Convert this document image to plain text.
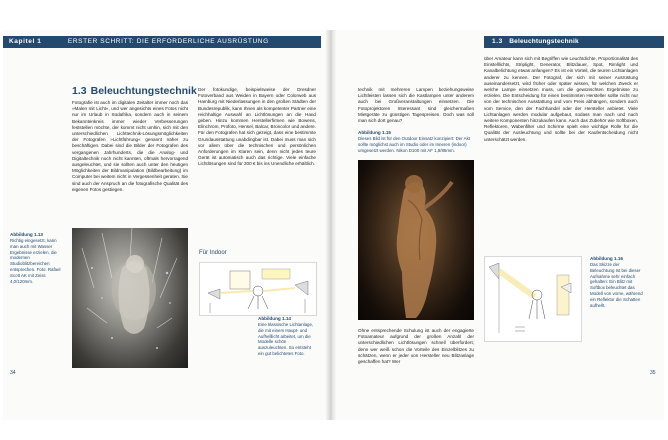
Kapitel 1	ERSTER SCHRITT: DIE ERFORDERLICHE AUSRÜSTUNG	1.3 Beleuchtungstechnik
1.3 Beleuchtungstechnik

Fotografie ist auch im digitalen Zeitalter immer noch das »Malen mit Licht«, und wer angesichts eines Fotos nicht nur im Urlaub in Südafrika, sondern auch in seinem Bekanntenkreis immer wieder Verbesserungen feststellen möchte, der kommt nicht umhin, sich mit den unterschiedlichen Lichttechnik-Lösungsmöglichkeiten der Fotografen »Lichtführung« genannt näher zu beschäftigen. Dabei sind die Bilder der Fotografen des vergangenen Jahrhunderts, die die Analog- und Digitaltechnik noch nicht kannten, oftmals hervorragend ausgeleuchtet, und sie sollten auch unter den heutigen Möglichkeiten der Bildmanipulation (Bildbearbeitung) im Computer bei weitem nicht in Vergessenheit geraten. Sie sind auch der Anspruch an die fotografische Qualität des eigenen Fotos gestiegen.

Abbildung 1.13
Richtig eingesetzt, kann man auch mit Wasser Ergebnisse erzielen, die modernen Studioblitzbereichen entsprechen. Foto: Rafael Scott AK mit Zeiss 4,0/120mm.

Der fotokundige, beispielsweise der Dresdner Fotoverband aus Weiden in Bayern oder Colorweb aus Hamburg mit Niederlassungen in den großen Städten der Bundesrepublik, kann Ihnen als kompetenter Partner eine reichhaltige Auswahl an Lichtlösungen an die Hand geben. Hinzu kommen Herstellerfirmen wie Bowens, Elinchrom, Profoto, Hensel, Balcar, Broncolor und andere. Für den Fotografen hat sich gezeigt, dass eine bestimmte Grundausstattung unabdingbar ist. Dabei muss man sich vor allem über die technischen und persönlichen Anforderungen im Klaren sein, denn nicht jedes teure Gerät ist automatisch auch das richtige. Viele einfache Lichtlösungen sind für 200 € bis ins Unendliche erhältlich.

Für Indoor
Abbildung 1.14
Eine klassische Lichtanlage, die mit einem Haupt- und Aufhelllicht arbeitet, um die Modelle schön auszuleuchten. So entsteht ein gut belichtetes Foto.
34

technik mit mehreren Lampen beziehungsweise Lichtleisten lassen sich die Kastlampen unter anderem auch bei Großveranstaltungen einsetzen. Die Fotoprojektoren Interessant sind gleichermaßen Mietgeräte zu günstigen Tagespreisen. Doch was soll man sich dort genau?

Abbildung 1.15
Dieses Bild ist für den Outdoor Einsatz konzipiert: Der Akt sollte möglichst auch im Studio oder im Inneren (indoor) umgesetzt werden. Nikon D100 mit AF 1,8/85mm.

Ohne entsprechende Schulung ist auch der engagierte Fotoamateur aufgrund der großen Anzahl der unterschiedlichen Lichtlösungen schnell überfordert, denn wer weiß schon die Vorteile des Einzelblitzes zu schätzen, wenn er jeder von Hersteller neu Blitzanlage geschaffen hat? Wer

über Amateur kann sich mit Begriffen wie Leuchtdichte, Proportionalität des Einstelllichts, Striplight, Generator, Blitzdauer, Spot, Rimlight und Kanalbelichtung etwas anfangen? Es ist ein Vorteil, die teuren Lichtanlagen anderer zu kennen. Der Fotograf, der sich mit seiner Ausrüstung auseinandersetzt, wird früher oder später wissen, für welchen Zweck er welche Lampe einsetzen muss, um die gewünschten Ergebnisse zu erzielen. Die Entscheidung für einen bestimmten Hersteller sollte nicht nur von der technischen Ausstattung und vom Preis abhängen, sondern auch vom Service, den der Fachhandel oder der Hersteller anbietet. Viele Lichtanlagen werden modular aufgebaut, sodass man nach und nach weitere Komponenten hinzukaufen kann. Auch das Zubehör wie Softboxen, Reflektoren, Wabenfilter und Schirme spielt eine wichtige Rolle für die Qualität der Ausleuchtung und sollte bei der Kaufentscheidung nicht unterschätzt werden.

Abbildung 1.16
Das Skizze der Beleuchtung Ist bei dieser Aufnahme sehr einfach gehalten: Ein Blitz mit Softbox beleuchtet das Modell von vorne, während ein Reflektor die Schatten aufhellt.
35
